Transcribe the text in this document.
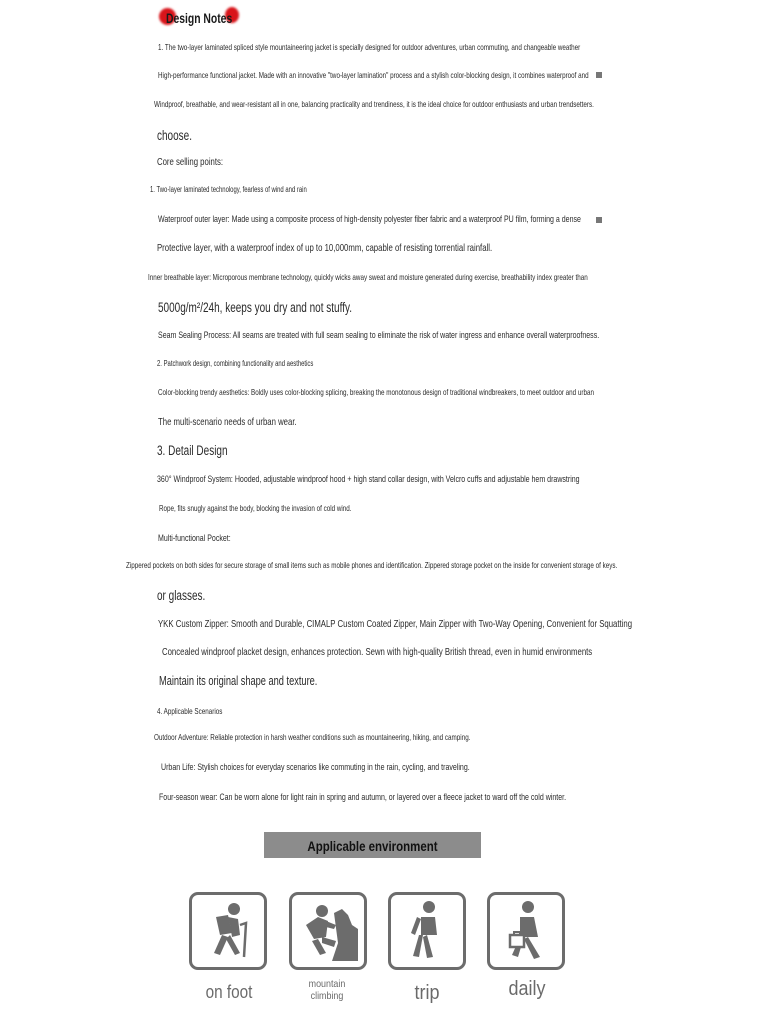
Design Notes
1. The two-layer laminated spliced style mountaineering jacket is specially designed for outdoor adventures, urban commuting, and changeable weather
High-performance functional jacket. Made with an innovative "two-layer lamination" process and a stylish color-blocking design, it combines waterproof and
Windproof, breathable, and wear-resistant all in one, balancing practicality and trendiness, it is the ideal choice for outdoor enthusiasts and urban trendsetters.
choose.
Core selling points:
1. Two-layer laminated technology, fearless of wind and rain
Waterproof outer layer: Made using a composite process of high-density polyester fiber fabric and a waterproof PU film, forming a dense
Protective layer, with a waterproof index of up to 10,000mm, capable of resisting torrential rainfall.
Inner breathable layer: Microporous membrane technology, quickly wicks away sweat and moisture generated during exercise, breathability index greater than
5000g/m²/24h, keeps you dry and not stuffy.
Seam Sealing Process: All seams are treated with full seam sealing to eliminate the risk of water ingress and enhance overall waterproofness.
2. Patchwork design, combining functionality and aesthetics
Color-blocking trendy aesthetics: Boldly uses color-blocking splicing, breaking the monotonous design of traditional windbreakers, to meet outdoor and urban
The multi-scenario needs of urban wear.
3. Detail Design
360° Windproof System: Hooded, adjustable windproof hood + high stand collar design, with Velcro cuffs and adjustable hem drawstring
Rope, fits snugly against the body, blocking the invasion of cold wind.
Multi-functional Pocket:
Zippered pockets on both sides for secure storage of small items such as mobile phones and identification. Zippered storage pocket on the inside for convenient storage of keys.
or glasses.
YKK Custom Zipper: Smooth and Durable, CIMALP Custom Coated Zipper, Main Zipper with Two-Way Opening, Convenient for Squatting
Concealed windproof placket design, enhances protection. Sewn with high-quality British thread, even in humid environments
Maintain its original shape and texture.
4. Applicable Scenarios
Outdoor Adventure: Reliable protection in harsh weather conditions such as mountaineering, hiking, and camping.
Urban Life: Stylish choices for everyday scenarios like commuting in the rain, cycling, and traveling.
Four-season wear: Can be worn alone for light rain in spring and autumn, or layered over a fleece jacket to ward off the cold winter.
Applicable environment
on foot	mountain climbing	trip	daily
